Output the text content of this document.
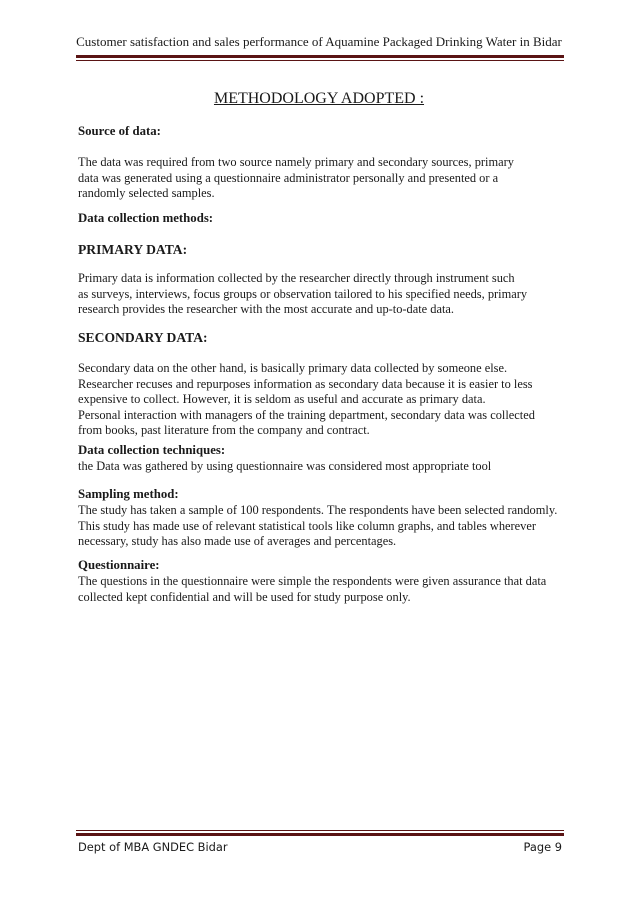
Customer satisfaction and sales performance of Aquamine Packaged Drinking Water in Bidar
METHODOLOGY ADOPTED :
Source of data:
The data was required from two source namely primary and secondary sources, primary
data was generated using a questionnaire administrator personally and presented or a
randomly selected samples.
Data collection methods:
PRIMARY DATA:
Primary data is information collected by the researcher directly through instrument such
as surveys, interviews, focus groups or observation tailored to his specified needs, primary
research provides the researcher with the most accurate and up-to-date data.
SECONDARY DATA:
Secondary data on the other hand, is basically primary data collected by someone else.
Researcher recuses and repurposes information as secondary data because it is easier to less
expensive to collect. However, it is seldom as useful and accurate as primary data.
Personal interaction with managers of the training department, secondary data was collected
from books, past literature from the company and contract.
Data collection techniques:
the Data was gathered by using questionnaire was considered most appropriate tool
Sampling method:
The study has taken a sample of 100 respondents. The respondents have been selected randomly.
This study has made use of relevant statistical tools like column graphs, and tables wherever
necessary, study has also made use of averages and percentages.
Questionnaire:
The questions in the questionnaire were simple the respondents were given assurance that data
collected kept confidential and will be used for study purpose only.
Dept of MBA GNDEC Bidar	Page 9
